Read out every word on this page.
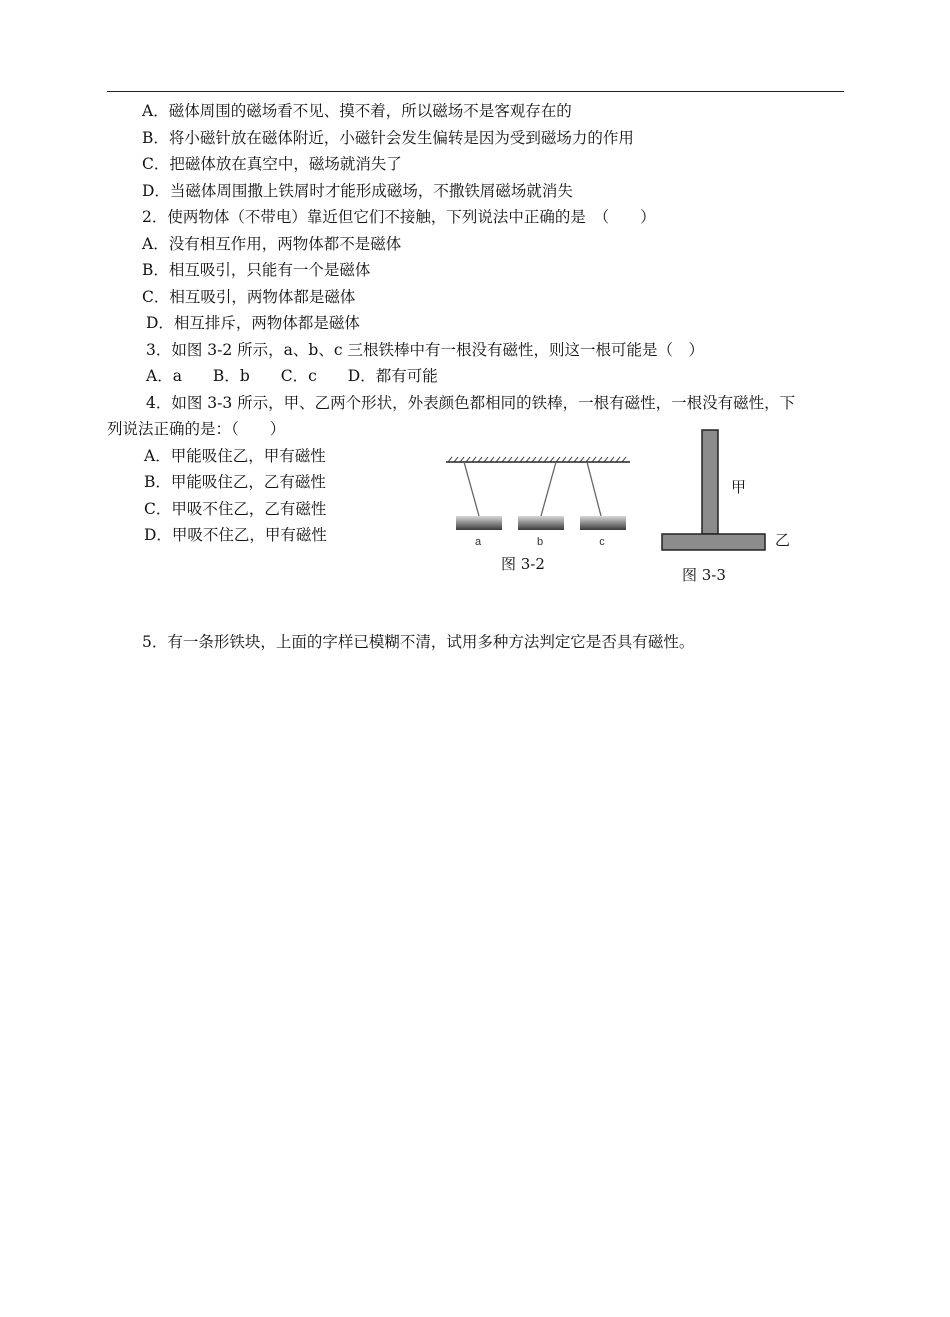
A．磁体周围的磁场看不见、摸不着，所以磁场不是客观存在的
B．将小磁针放在磁体附近，小磁针会发生偏转是因为受到磁场力的作用
C．把磁体放在真空中，磁场就消失了
D．当磁体周围撒上铁屑时才能形成磁场，不撒铁屑磁场就消失
2．使两物体（不带电）靠近但它们不接触，下列说法中正确的是　（　　）
A．没有相互作用，两物体都不是磁体
B．相互吸引，只能有一个是磁体
C．相互吸引，两物体都是磁体
D．相互排斥，两物体都是磁体
3．如图 3-2 所示，a、b、c 三根铁棒中有一根没有磁性，则这一根可能是（　）
A．a　　B．b　　C．c　　D．都有可能
4．如图 3-3 所示，甲、乙两个形状，外表颜色都相同的铁棒，一根有磁性，一根没有磁性，下
列说法正确的是：（　　）
A．甲能吸住乙，甲有磁性
B．甲能吸住乙，乙有磁性
C．甲吸不住乙，乙有磁性
D．甲吸不住乙，甲有磁性	a	b	c
图 3-2
甲
乙
图 3-3
5．有一条形铁块，上面的字样已模糊不清，试用多种方法判定它是否具有磁性。
